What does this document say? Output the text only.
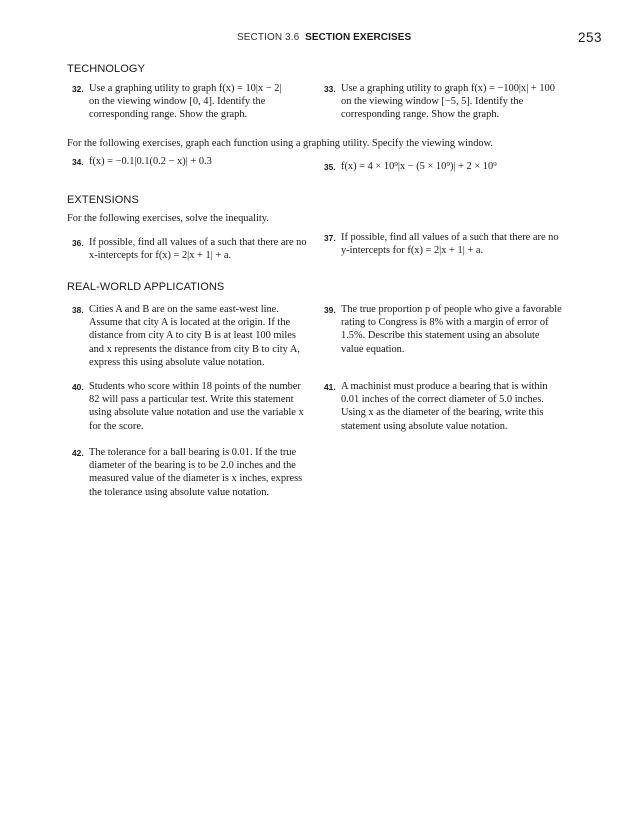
SECTION 3.6 SECTION EXERCISES	253
TECHNOLOGY
32. Use a graphing utility to graph f(x) = 10|x − 2|
on the viewing window [0, 4]. Identify the
corresponding range. Show the graph.
33. Use a graphing utility to graph f(x) = −100|x| + 100
on the viewing window [−5, 5]. Identify the
corresponding range. Show the graph.
For the following exercises, graph each function using a graphing utility. Specify the viewing window.
34. f(x) = −0.1|0.1(0.2 − x)| + 0.3	35. f(x) = 4 × 10⁹|x − (5 × 10⁹)| + 2 × 10⁹
EXTENSIONS
For the following exercises, solve the inequality.
36. If possible, find all values of a such that there are no
x-intercepts for f(x) = 2|x + 1| + a.
37. If possible, find all values of a such that there are no
y-intercepts for f(x) = 2|x + 1| + a.
REAL-WORLD APPLICATIONS
38. Cities A and B are on the same east-west line.
Assume that city A is located at the origin. If the
distance from city A to city B is at least 100 miles
and x represents the distance from city B to city A,
express this using absolute value notation.
39. The true proportion p of people who give a favorable
rating to Congress is 8% with a margin of error of
1.5%. Describe this statement using an absolute
value equation.
40. Students who score within 18 points of the number
82 will pass a particular test. Write this statement
using absolute value notation and use the variable x
for the score.
41. A machinist must produce a bearing that is within
0.01 inches of the correct diameter of 5.0 inches.
Using x as the diameter of the bearing, write this
statement using absolute value notation.
42. The tolerance for a ball bearing is 0.01. If the true
diameter of the bearing is to be 2.0 inches and the
measured value of the diameter is x inches, express
the tolerance using absolute value notation.
